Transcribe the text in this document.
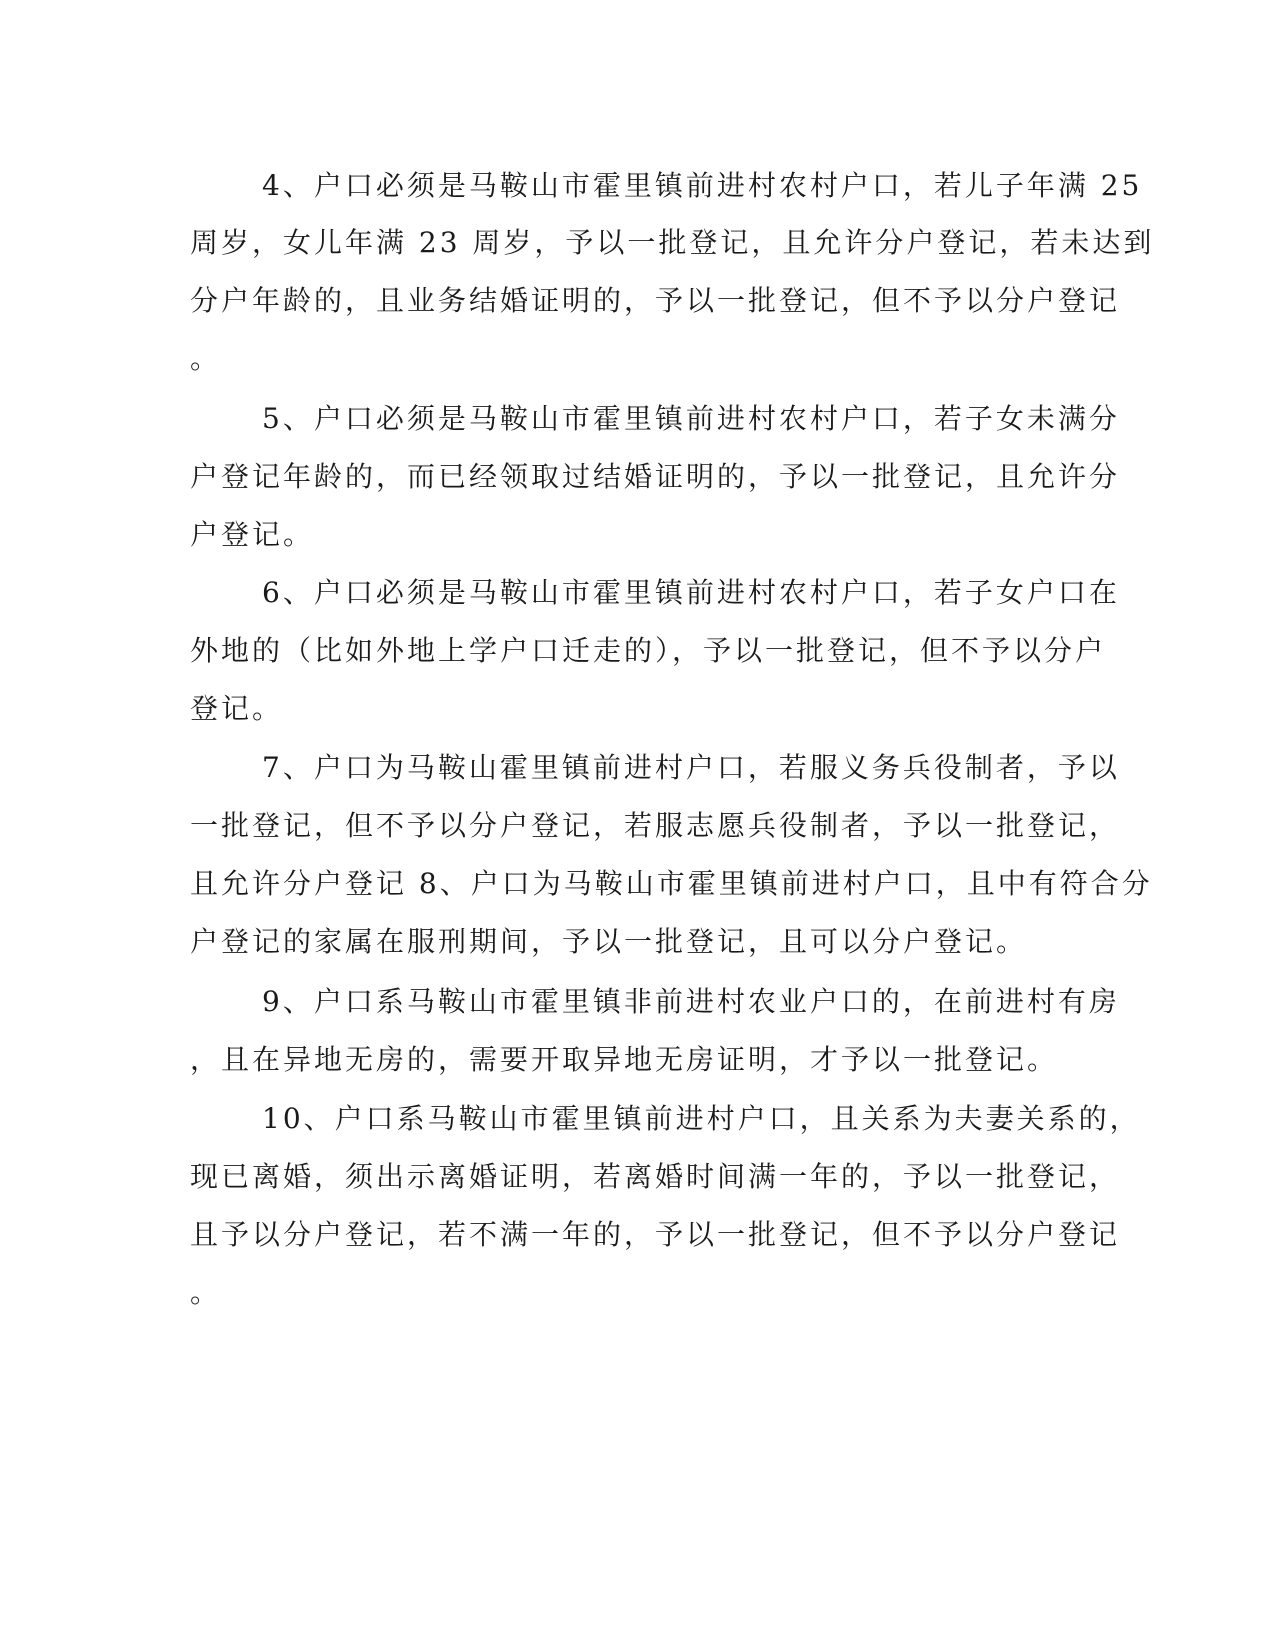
4、户口必须是马鞍山市霍里镇前进村农村户口，若儿子年满 25

周岁，女儿年满 23 周岁，予以一批登记，且允许分户登记，若未达到

分户年龄的，且业务结婚证明的，予以一批登记，但不予以分户登记

。

5、户口必须是马鞍山市霍里镇前进村农村户口，若子女未满分

户登记年龄的，而已经领取过结婚证明的，予以一批登记，且允许分

户登记。

6、户口必须是马鞍山市霍里镇前进村农村户口，若子女户口在

外地的（比如外地上学户口迁走的），予以一批登记，但不予以分户

登记。

7、户口为马鞍山霍里镇前进村户口，若服义务兵役制者，予以

一批登记，但不予以分户登记，若服志愿兵役制者，予以一批登记，

且允许分户登记 8、户口为马鞍山市霍里镇前进村户口，且中有符合分

户登记的家属在服刑期间，予以一批登记，且可以分户登记。

9、户口系马鞍山市霍里镇非前进村农业户口的，在前进村有房

，且在异地无房的，需要开取异地无房证明，才予以一批登记。

10、户口系马鞍山市霍里镇前进村户口，且关系为夫妻关系的，

现已离婚，须出示离婚证明，若离婚时间满一年的，予以一批登记，

且予以分户登记，若不满一年的，予以一批登记，但不予以分户登记

。
